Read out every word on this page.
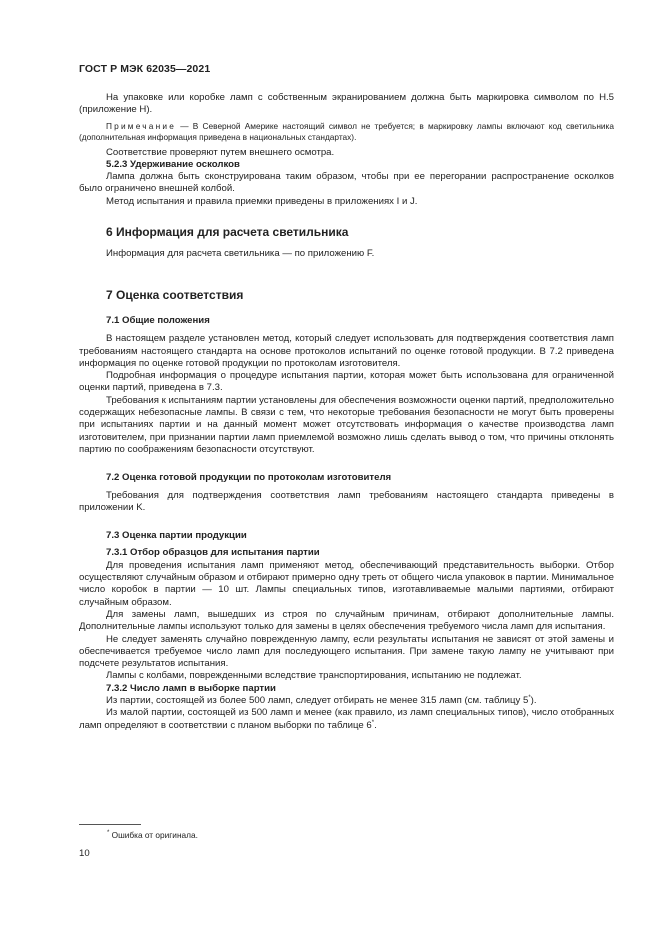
ГОСТ Р МЭК 62035—2021

На упаковке или коробке ламп с собственным экранированием должна быть маркировка символом по Н.5 (приложение Н).

Примечание — В Северной Америке настоящий символ не требуется; в маркировку лампы включают код светильника (дополнительная информация приведена в национальных стандартах).

Соответствие проверяют путем внешнего осмотра.

5.2.3 Удерживание осколков

Лампа должна быть сконструирована таким образом, чтобы при ее перегорании распространение осколков было ограничено внешней колбой.

Метод испытания и правила приемки приведены в приложениях I и J.

6 Информация для расчета светильника

Информация для расчета светильника — по приложению F.

7 Оценка соответствия

7.1 Общие положения

В настоящем разделе установлен метод, который следует использовать для подтверждения соответствия ламп требованиям настоящего стандарта на основе протоколов испытаний по оценке готовой продукции. В 7.2 приведена информация по оценке готовой продукции по протоколам изготовителя.

Подробная информация о процедуре испытания партии, которая может быть использована для ограниченной оценки партий, приведена в 7.3.

Требования к испытаниям партии установлены для обеспечения возможности оценки партий, предположительно содержащих небезопасные лампы. В связи с тем, что некоторые требования безопасности не могут быть проверены при испытаниях партии и на данный момент может отсутствовать информация о качестве производства ламп изготовителем, при признании партии ламп приемлемой возможно лишь сделать вывод о том, что причины отклонять партию по соображениям безопасности отсутствуют.

7.2 Оценка готовой продукции по протоколам изготовителя

Требования для подтверждения соответствия ламп требованиям настоящего стандарта приведены в приложении K.

7.3 Оценка партии продукции

7.3.1 Отбор образцов для испытания партии

Для проведения испытания ламп применяют метод, обеспечивающий представительность выборки. Отбор осуществляют случайным образом и отбирают примерно одну треть от общего числа упаковок в партии. Минимальное число коробок в партии — 10 шт. Лампы специальных типов, изготавливаемые малыми партиями, отбирают случайным образом.

Для замены ламп, вышедших из строя по случайным причинам, отбирают дополнительные лампы. Дополнительные лампы используют только для замены в целях обеспечения требуемого числа ламп для испытания.

Не следует заменять случайно поврежденную лампу, если результаты испытания не зависят от этой замены и обеспечивается требуемое число ламп для последующего испытания. При замене такую лампу не учитывают при подсчете результатов испытания.

Лампы с колбами, поврежденными вследствие транспортирования, испытанию не подлежат.

7.3.2 Число ламп в выборке партии

Из партии, состоящей из более 500 ламп, следует отбирать не менее 315 ламп (см. таблицу 5*).

Из малой партии, состоящей из 500 ламп и менее (как правило, из ламп специальных типов), число отобранных ламп определяют в соответствии с планом выборки по таблице 6*.

* Ошибка от оригинала.
10
